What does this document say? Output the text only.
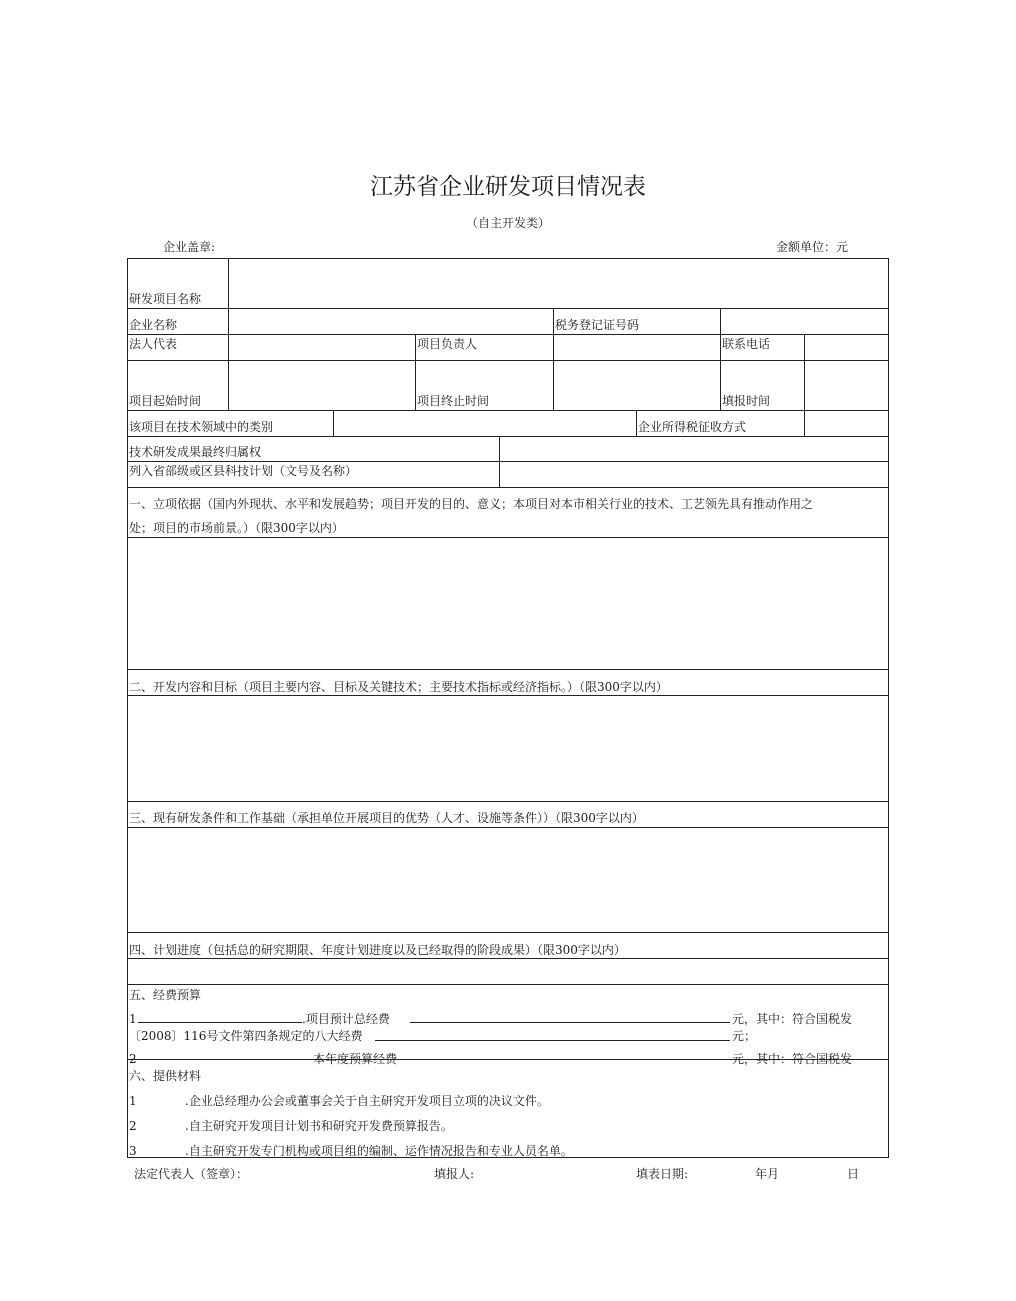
江苏省企业研发项目情况表
（自主开发类）
企业盖章:	金额单位：元
研发项目名称
企业名称	税务登记证号码
法人代表	项目负责人	联系电话
项目起始时间	项目终止时间	填报时间
该项目在技术领域中的类别	企业所得税征收方式
技术研发成果最终归属权
列入省部级或区县科技计划（文号及名称）
一、立项依据（国内外现状、水平和发展趋势；项目开发的目的、意义；本项目对本市相关行业的技术、工艺领先具有推动作用之
处；项目的市场前景。）（限300字以内）
二、开发内容和目标（项目主要内容、目标及关键技术；主要技术指标或经济指标。）（限300字以内）
三、现有研发条件和工作基础（承担单位开展项目的优势（人才、设施等条件））（限300字以内）
四、计划进度（包括总的研究期限、年度计划进度以及已经取得的阶段成果）（限300字以内）
五、经费预算
1	.项目预计总经费	元，其中：符合国税发
〔2008〕116号文件第四条规定的八大经费	元；
2	本年度预算经费	元，其中：符合国税发
六、提供材料
1	.企业总经理办公会或董事会关于自主研究开发项目立项的决议文件。
2	.自主研究开发项目计划书和研究开发费预算报告。
3	.自主研究开发专门机构或项目组的编制、运作情况报告和专业人员名单。
法定代表人（签章）：	填报人:	填表日期:	年月	日
